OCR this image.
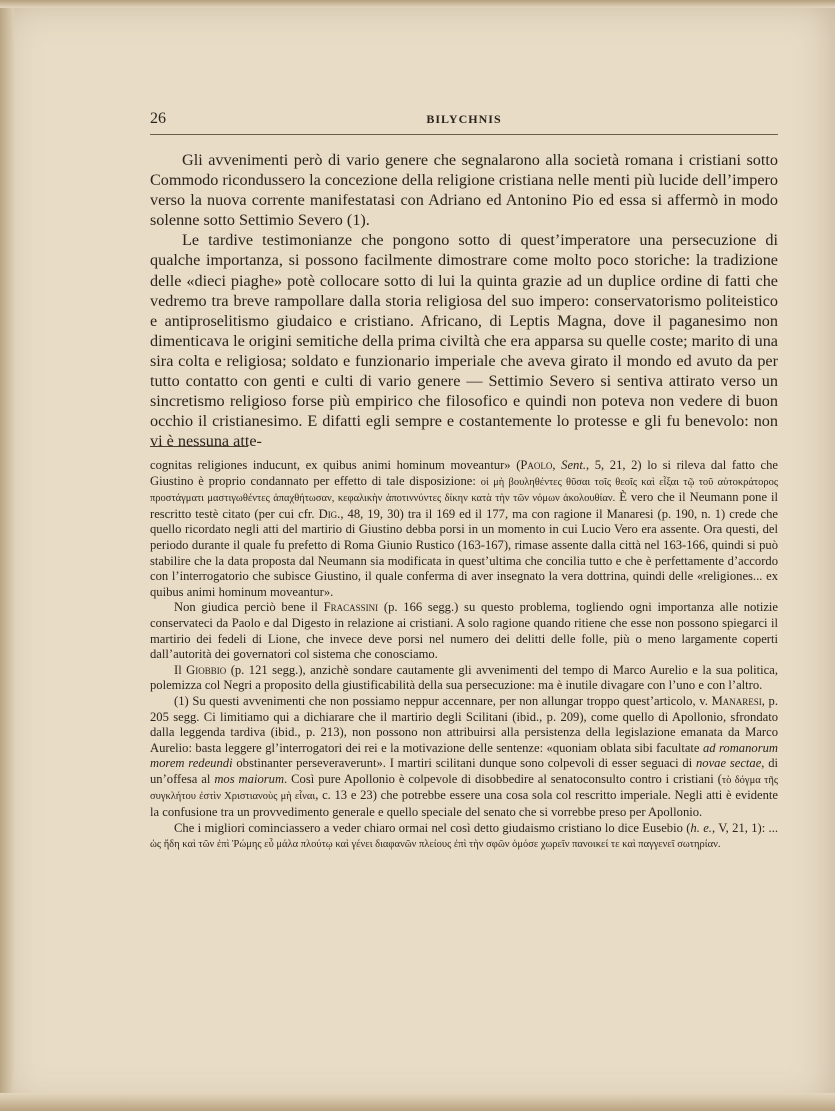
26	BILYCHNIS

Gli avvenimenti però di vario genere che segnalarono alla società romana i cristiani sotto Commodo ricondussero la concezione della religione cristiana nelle menti più lucide dell’impero verso la nuova corrente manifestatasi con Adriano ed Antonino Pio ed essa si affermò in modo solenne sotto Settimio Severo (1).

Le tardive testimonianze che pongono sotto di quest’imperatore una persecuzione di qualche importanza, si possono facilmente dimostrare come molto poco storiche: la tradizione delle «dieci piaghe» potè collocare sotto di lui la quinta grazie ad un duplice ordine di fatti che vedremo tra breve rampollare dalla storia religiosa del suo impero: conservatorismo politeistico e antiproselitismo giudaico e cristiano. Africano, di Leptis Magna, dove il paganesimo non dimenticava le origini semitiche della prima civiltà che era apparsa su quelle coste; marito di una sira colta e religiosa; soldato e funzionario imperiale che aveva girato il mondo ed avuto da per tutto contatto con genti e culti di vario genere — Settimio Severo si sentiva attirato verso un sincretismo religioso forse più empirico che filosofico e quindi non poteva non vedere di buon occhio il cristianesimo. E difatti egli sempre e costantemente lo protesse e gli fu benevolo: non vi è nessuna atte-

cognitas religiones inducunt, ex quibus animi hominum moveantur» (Paolo, Sent., 5, 21, 2) lo si rileva dal fatto che Giustino è proprio condannato per effetto di tale disposizione: οἱ μὴ βουληθέντες θῦσαι τοῖς θεοῖς καὶ εἶξαι τῷ τοῦ αὐτοκράτορος προστάγματι μαστιγωθέντες ἀπαχθήτωσαν, κεφαλικὴν ἀποτιννύντες δίκην κατὰ τὴν τῶν νόμων ἀκολουθίαν. È vero che il Neumann pone il rescritto testè citato (per cui cfr. Dig., 48, 19, 30) tra il 169 ed il 177, ma con ragione il Manaresi (p. 190, n. 1) crede che quello ricordato negli atti del martirio di Giustino debba porsi in un momento in cui Lucio Vero era assente. Ora questi, del periodo durante il quale fu prefetto di Roma Giunio Rustico (163-167), rimase assente dalla città nel 163-166, quindi si può stabilire che la data proposta dal Neumann sia modificata in quest’ultima che concilia tutto e che è perfettamente d’accordo con l’interrogatorio che subisce Giustino, il quale conferma di aver insegnato la vera dottrina, quindi delle «religiones... ex quibus animi hominum moveantur».

Non giudica perciò bene il Fracassini (p. 166 segg.) su questo problema, togliendo ogni importanza alle notizie conservateci da Paolo e dal Digesto in relazione ai cristiani. A solo ragione quando ritiene che esse non possono spiegarci il martirio dei fedeli di Lione, che invece deve porsi nel numero dei delitti delle folle, più o meno largamente coperti dall’autorità dei governatori col sistema che conosciamo.

Il Giobbio (p. 121 segg.), anzichè sondare cautamente gli avvenimenti del tempo di Marco Aurelio e la sua politica, polemizza col Negri a proposito della giustificabilità della sua persecuzione: ma è inutile divagare con l’uno e con l’altro.

(1) Su questi avvenimenti che non possiamo neppur accennare, per non allungar troppo quest’articolo, v. Manaresi, p. 205 segg. Ci limitiamo qui a dichiarare che il martirio degli Scilitani (ibid., p. 209), come quello di Apollonio, sfrondato dalla leggenda tardiva (ibid., p. 213), non possono non attribuirsi alla persistenza della legislazione emanata da Marco Aurelio: basta leggere gl’interrogatori dei rei e la motivazione delle sentenze: «quoniam oblata sibi facultate ad romanorum morem redeundi obstinanter perseveraverunt». I martiri scilitani dunque sono colpevoli di esser seguaci di novae sectae, di un’offesa al mos maiorum. Così pure Apollonio è colpevole di disobbedire al senatoconsulto contro i cristiani (τὸ δόγμα τῆς συγκλήτου ἐστὶν Χριστιανοὺς μὴ εἶναι, c. 13 e 23) che potrebbe essere una cosa sola col rescritto imperiale. Negli atti è evidente la confusione tra un provvedimento generale e quello speciale del senato che si vorrebbe preso per Apollonio.

Che i migliori cominciassero a veder chiaro ormai nel così detto giudaismo cristiano lo dice Eusebio (h. e., V, 21, 1): ... ὡς ἤδη καὶ τῶν ἐπὶ Ῥώμης εὖ μάλα πλούτῳ καὶ γένει διαφανῶν πλείους ἐπὶ τὴν σφῶν ὁμόσε χωρεῖν πανοικεί τε καὶ παγγενεῖ σωτηρίαν.
